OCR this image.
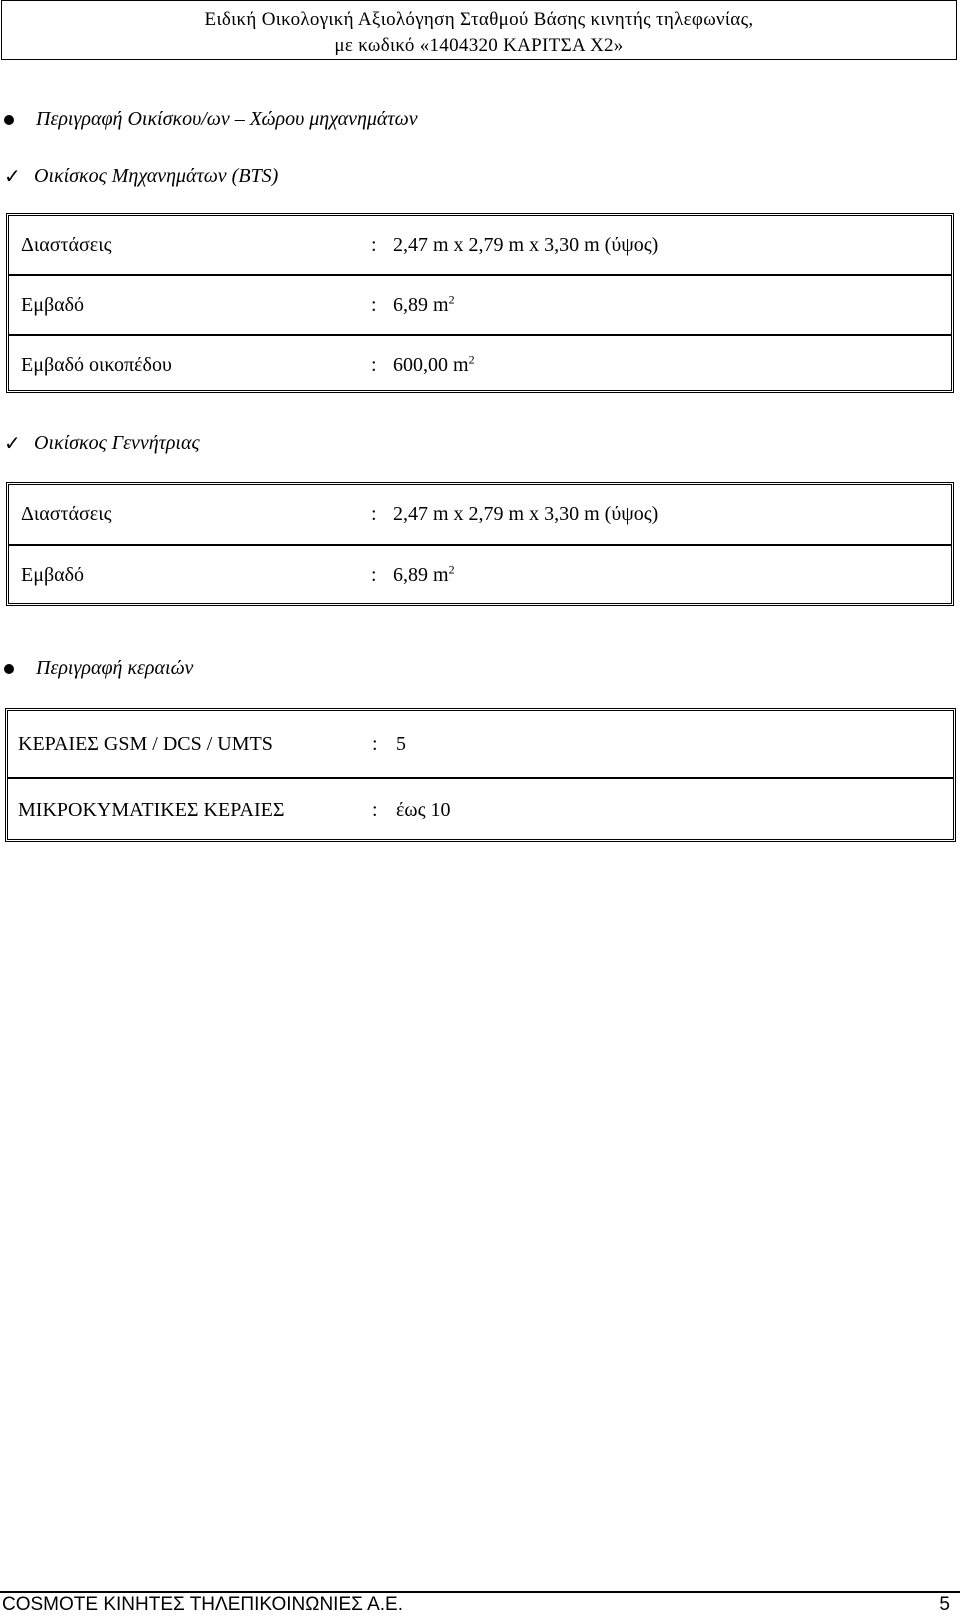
Ειδική Οικολογική Αξιολόγηση Σταθμού Βάσης κινητής τηλεφωνίας,
με κωδικό «1404320 ΚΑΡΙΤΣΑ Χ2»
Περιγραφή Οικίσκου/ων – Χώρου μηχανημάτων
✓ Οικίσκος Μηχανημάτων (BTS)
Διαστάσεις	: 2,47 m x 2,79 m x 3,30 m (ύψος)
Εμβαδό	: 6,89 $m^2$
Εμβαδό οικοπέδου	: 600,00 $m^2$
✓ Οικίσκος Γεννήτριας
Διαστάσεις	: 2,47 m x 2,79 m x 3,30 m (ύψος)
Εμβαδό	: 6,89 $m^2$
Περιγραφή κεραιών
ΚΕΡΑΙΕΣ GSM / DCS / UMTS	: 5
ΜΙΚΡΟΚΥΜΑΤΙΚΕΣ ΚΕΡΑΙΕΣ	: έως 10
COSMOTE ΚΙΝΗΤΕΣ ΤΗΛΕΠΙΚΟΙΝΩΝΙΕΣ Α.Ε.	5
